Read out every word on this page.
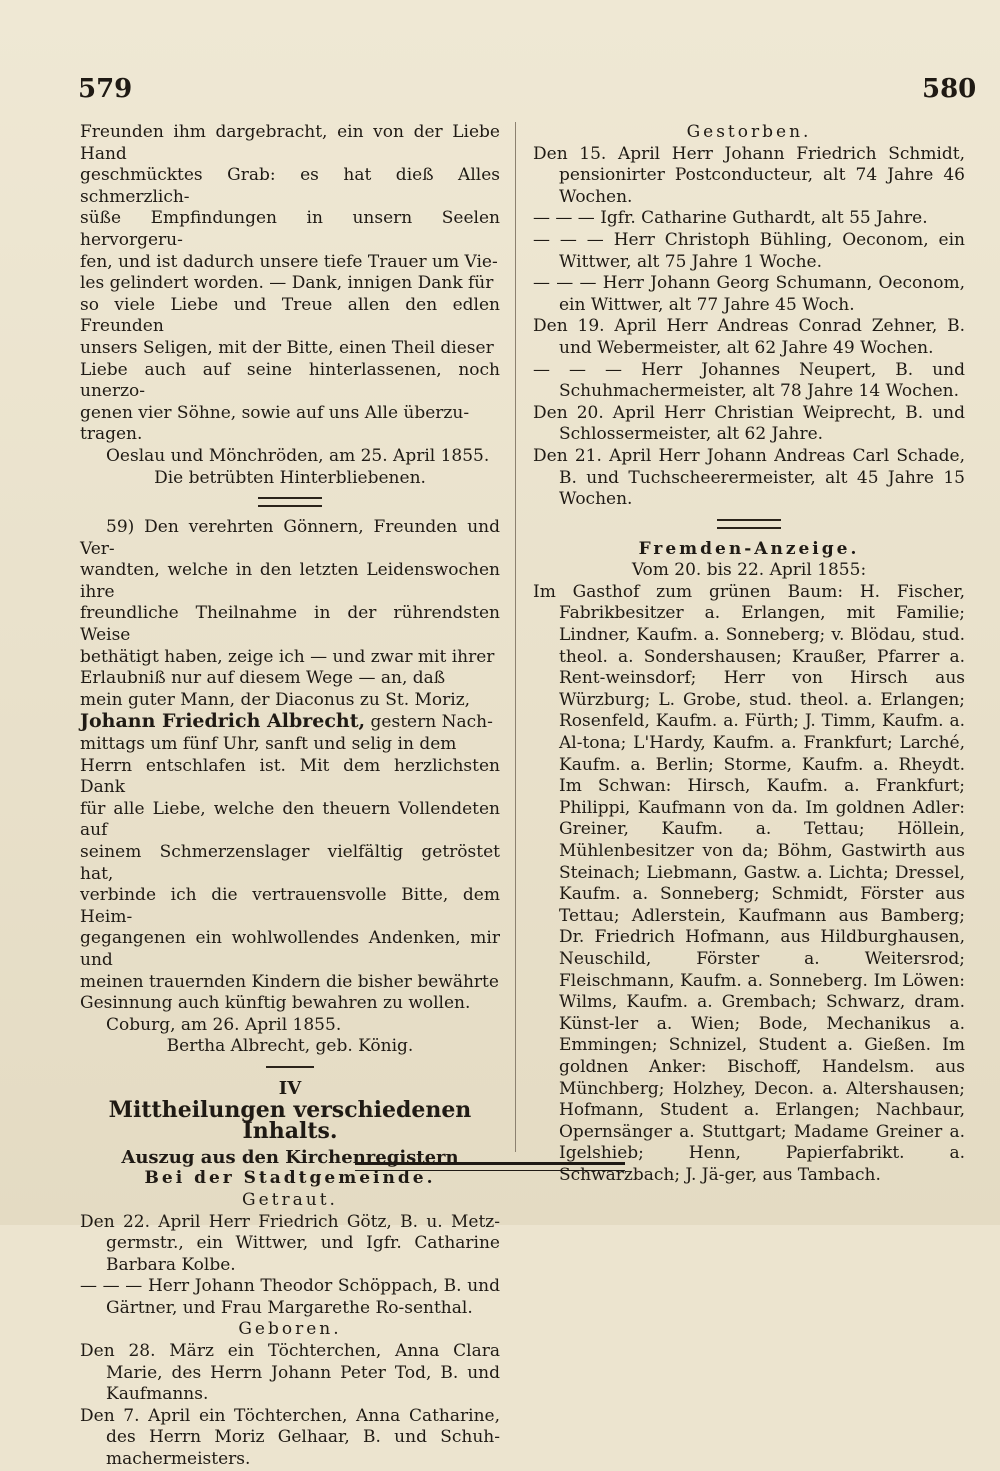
579	580

Freunden ihm dargebracht, ein von der Liebe Hand

geschmücktes Grab: es hat dieß Alles schmerzlich-

süße Empfindungen in unsern Seelen hervorgeru-

fen, und ist dadurch unsere tiefe Trauer um Vie-

les gelindert worden. — Dank, innigen Dank für

so viele Liebe und Treue allen den edlen Freunden

unsers Seligen, mit der Bitte, einen Theil dieser

Liebe auch auf seine hinterlassenen, noch unerzo-

genen vier Söhne, sowie auf uns Alle überzu-

tragen.

Oeslau und Mönchröden, am 25. April 1855.

Die betrübten Hinterbliebenen.

59) Den verehrten Gönnern, Freunden und Ver-

wandten, welche in den letzten Leidenswochen ihre

freundliche Theilnahme in der rührendsten Weise

bethätigt haben, zeige ich — und zwar mit ihrer

Erlaubniß nur auf diesem Wege — an, daß

mein guter Mann, der Diaconus zu St. Moriz,

Johann Friedrich Albrecht, gestern Nach-

mittags um fünf Uhr, sanft und selig in dem

Herrn entschlafen ist. Mit dem herzlichsten Dank

für alle Liebe, welche den theuern Vollendeten auf

seinem Schmerzenslager vielfältig getröstet hat,

verbinde ich die vertrauensvolle Bitte, dem Heim-

gegangenen ein wohlwollendes Andenken, mir und

meinen trauernden Kindern die bisher bewährte

Gesinnung auch künftig bewahren zu wollen.

Coburg, am 26. April 1855.

Bertha Albrecht, geb. König.

IV

Mittheilungen verschiedenen Inhalts.

Auszug aus den Kirchenregistern

Bei der Stadtgemeinde.

Getraut.

Den 22. April Herr Friedrich Götz, B. u. Metz-germstr., ein Wittwer, und Igfr. Catharine Barbara Kolbe.

— — — Herr Johann Theodor Schöppach, B. und Gärtner, und Frau Margarethe Ro-senthal.

Geboren.

Den 28. März ein Töchterchen, Anna Clara Marie, des Herrn Johann Peter Tod, B. und Kaufmanns.

Den 7. April ein Töchterchen, Anna Catharine, des Herrn Moriz Gelhaar, B. und Schuh-machermeisters.

Gestorben.

Den 15. April Herr Johann Friedrich Schmidt, pensionirter Postconducteur, alt 74 Jahre 46 Wochen.

— — — Igfr. Catharine Guthardt, alt 55 Jahre.

— — — Herr Christoph Bühling, Oeconom, ein Wittwer, alt 75 Jahre 1 Woche.

— — — Herr Johann Georg Schumann, Oeconom, ein Wittwer, alt 77 Jahre 45 Woch.

Den 19. April Herr Andreas Conrad Zehner, B. und Webermeister, alt 62 Jahre 49 Wochen.

— — — Herr Johannes Neupert, B. und Schuhmachermeister, alt 78 Jahre 14 Wochen.

Den 20. April Herr Christian Weiprecht, B. und Schlossermeister, alt 62 Jahre.

Den 21. April Herr Johann Andreas Carl Schade, B. und Tuchscheerermeister, alt 45 Jahre 15 Wochen.

Fremden-Anzeige.

Vom 20. bis 22. April 1855:

Im Gasthof zum grünen Baum: H. Fischer, Fabrikbesitzer a. Erlangen, mit Familie; Lindner, Kaufm. a. Sonneberg; v. Blödau, stud. theol. a. Sondershausen; Kraußer, Pfarrer a. Rent-weinsdorf; Herr von Hirsch aus Würzburg; L. Grobe, stud. theol. a. Erlangen; Rosenfeld, Kaufm. a. Fürth; J. Timm, Kaufm. a. Al-tona; L'Hardy, Kaufm. a. Frankfurt; Larché, Kaufm. a. Berlin; Storme, Kaufm. a. Rheydt. Im Schwan: Hirsch, Kaufm. a. Frankfurt; Philippi, Kaufmann von da. Im goldnen Adler: Greiner, Kaufm. a. Tettau; Höllein, Mühlenbesitzer von da; Böhm, Gastwirth aus Steinach; Liebmann, Gastw. a. Lichta; Dressel, Kaufm. a. Sonneberg; Schmidt, Förster aus Tettau; Adlerstein, Kaufmann aus Bamberg; Dr. Friedrich Hofmann, aus Hildburghausen, Neuschild, Förster a. Weitersrod; Fleischmann, Kaufm. a. Sonneberg. Im Löwen: Wilms, Kaufm. a. Grembach; Schwarz, dram. Künst-ler a. Wien; Bode, Mechanikus a. Emmingen; Schnizel, Student a. Gießen. Im goldnen Anker: Bischoff, Handelsm. aus Münchberg; Holzhey, Decon. a. Altershausen; Hofmann, Student a. Erlangen; Nachbaur, Opernsänger a. Stuttgart; Madame Greiner a. Igelshieb; Henn, Papierfabrikt. a. Schwarzbach; J. Jä-ger, aus Tambach.
